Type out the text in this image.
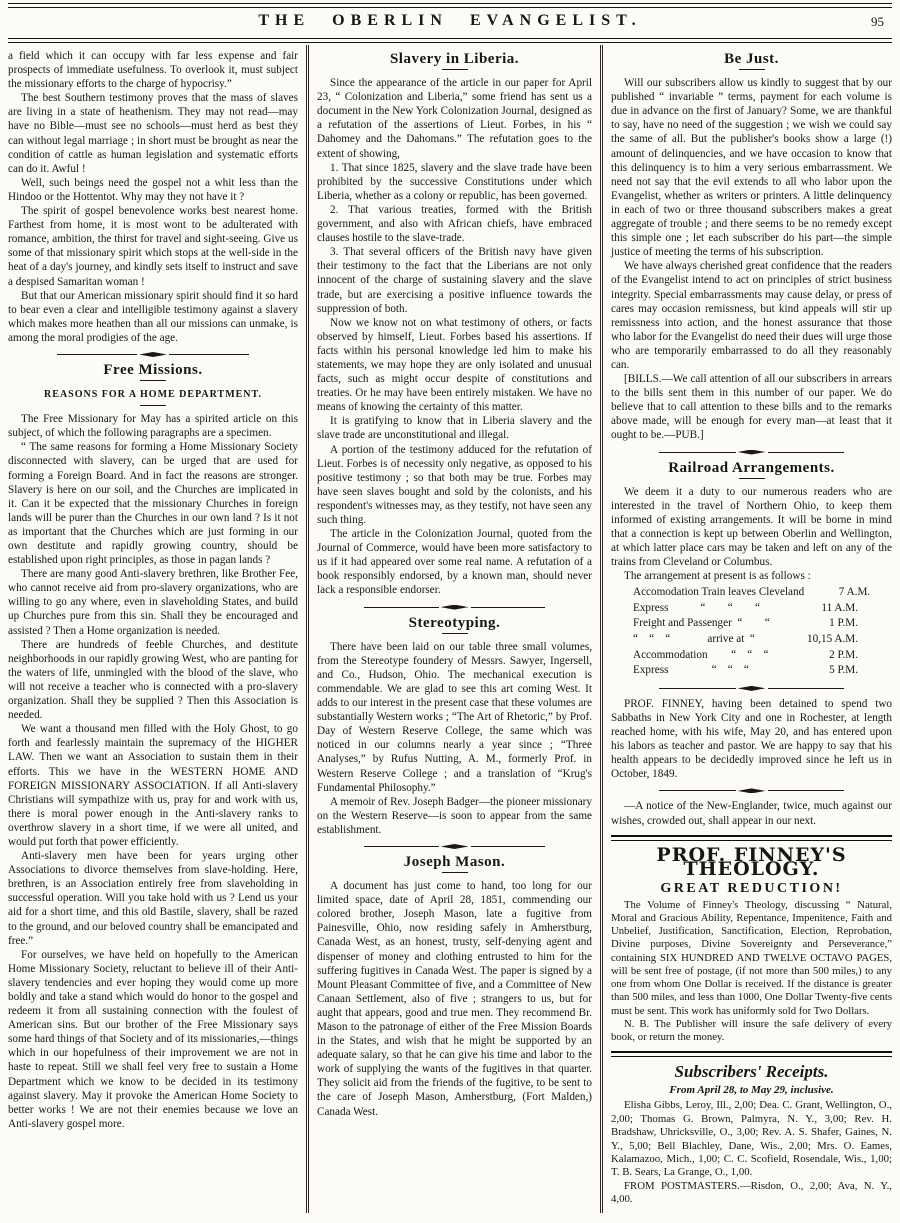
THE OBERLIN EVANGELIST.	95

a field which it can occupy with far less expense and fair prospects of immediate usefulness. To overlook it, must subject the missionary efforts to the charge of hypocrisy.”

The best Southern testimony proves that the mass of slaves are living in a state of heathenism. They may not read—may have no Bible—must see no schools—must herd as best they can without legal marriage ; in short must be brought as near the condition of cattle as human legislation and systematic efforts can do it. Awful !

Well, such beings need the gospel not a whit less than the Hindoo or the Hottentot. Why may they not have it ?

The spirit of gospel benevolence works best nearest home. Farthest from home, it is most wont to be adulterated with romance, ambition, the thirst for travel and sight-seeing. Give us some of that missionary spirit which stops at the well-side in the heat of a day's journey, and kindly sets itself to instruct and save a despised Samaritan woman !

But that our American missionary spirit should find it so hard to bear even a clear and intelligible testimony against a slavery which makes more heathen than all our missions can unmake, is among the moral prodigies of the age.

Free Missions.
REASONS FOR A HOME DEPARTMENT.

The Free Missionary for May has a spirited article on this subject, of which the following paragraphs are a specimen.

“ The same reasons for forming a Home Missionary Society disconnected with slavery, can be urged that are used for forming a Foreign Board. And in fact the reasons are stronger. Slavery is here on our soil, and the Churches are implicated in it. Can it be expected that the missionary Churches in foreign lands will be purer than the Churches in our own land ? Is it not as important that the Churches which are just forming in our own destitute and rapidly growing country, should be established upon right principles, as those in pagan lands ?

There are many good Anti-slavery brethren, like Brother Fee, who cannot receive aid from pro-slavery organizations, who are willing to go any where, even in slaveholding States, and build up Churches pure from this sin. Shall they be encouraged and assisted ? Then a Home organization is needed.

There are hundreds of feeble Churches, and destitute neighborhoods in our rapidly growing West, who are panting for the waters of life, unmingled with the blood of the slave, who will not receive a teacher who is connected with a pro-slavery organization. Shall they be supplied ? Then this Association is needed.

We want a thousand men filled with the Holy Ghost, to go forth and fearlessly maintain the supremacy of the HIGHER LAW. Then we want an Association to sustain them in their efforts. This we have in the WESTERN HOME AND FOREIGN MISSIONARY ASSOCIATION. If all Anti-slavery Christians will sympathize with us, pray for and work with us, there is moral power enough in the Anti-slavery ranks to overthrow slavery in a short time, if we were all united, and would put forth that power efficiently.

Anti-slavery men have been for years urging other Associations to divorce themselves from slave-holding. Here, brethren, is an Association entirely free from slaveholding in successful operation. Will you take hold with us ? Lend us your aid for a short time, and this old Bastile, slavery, shall be razed to the ground, and our beloved country shall be emancipated and free.”

For ourselves, we have held on hopefully to the American Home Missionary Society, reluctant to believe ill of their Anti-slavery tendencies and ever hoping they would come up more boldly and take a stand which would do honor to the gospel and redeem it from all sustaining connection with the foulest of American sins. But our brother of the Free Missionary says some hard things of that Society and of its missionaries,—things which in our hopefulness of their improvement we are not in haste to repeat. Still we shall feel very free to sustain a Home Department which we know to be decided in its testimony against slavery. May it provoke the American Home Society to better works ! We are not their enemies because we love an Anti-slavery gospel more.

Slavery in Liberia.

Since the appearance of the article in our paper for April 23, “ Colonization and Liberia,” some friend has sent us a document in the New York Colonization Journal, designed as a refutation of the assertions of Lieut. Forbes, in his “ Dahomey and the Dahomans.” The refutation goes to the extent of showing,

1. That since 1825, slavery and the slave trade have been prohibited by the successive Constitutions under which Liberia, whether as a colony or republic, has been governed.

2. That various treaties, formed with the British government, and also with African chiefs, have embraced clauses hostile to the slave-trade.

3. That several officers of the British navy have given their testimony to the fact that the Liberians are not only innocent of the charge of sustaining slavery and the slave trade, but are exercising a positive influence towards the suppression of both.

Now we know not on what testimony of others, or facts observed by himself, Lieut. Forbes based his assertions. If facts within his personal knowledge led him to make his statements, we may hope they are only isolated and unusual facts, such as might occur despite of constitutions and treaties. Or he may have been entirely mistaken. We have no means of knowing the certainty of this matter.

It is gratifying to know that in Liberia slavery and the slave trade are unconstitutional and illegal.

A portion of the testimony adduced for the refutation of Lieut. Forbes is of necessity only negative, as opposed to his positive testimony ; so that both may be true. Forbes may have seen slaves bought and sold by the colonists, and his respondent's witnesses may, as they testify, not have seen any such thing.

The article in the Colonization Journal, quoted from the Journal of Commerce, would have been more satisfactory to us if it had appeared over some real name. A refutation of a book responsibly endorsed, by a known man, should never lack a responsible endorser.

Stereotyping.

There have been laid on our table three small volumes, from the Stereotype foundery of Messrs. Sawyer, Ingersell, and Co., Hudson, Ohio. The mechanical execution is commendable. We are glad to see this art coming West. It adds to our interest in the present case that these volumes are substantially Western works ; “The Art of Rhetoric,” by Prof. Day of Western Reserve College, the same which was noticed in our columns nearly a year since ; “Three Analyses,” by Rufus Nutting, A. M., formerly Prof. in Western Reserve College ; and a translation of “Krug's Fundamental Philosophy.”

A memoir of Rev. Joseph Badger—the pioneer missionary on the Western Reserve—is soon to appear from the same establishment.

Joseph Mason.

A document has just come to hand, too long for our limited space, date of April 28, 1851, commending our colored brother, Joseph Mason, late a fugitive from Painesville, Ohio, now residing safely in Amherstburg, Canada West, as an honest, trusty, self-denying agent and dispenser of money and clothing entrusted to him for the suffering fugitives in Canada West. The paper is signed by a Mount Pleasant Committee of five, and a Committee of New Canaan Settlement, also of five ; strangers to us, but for aught that appears, good and true men. They recommend Br. Mason to the patronage of either of the Free Mission Boards in the States, and wish that he might be supported by an adequate salary, so that he can give his time and labor to the work of supplying the wants of the fugitives in that quarter. They solicit aid from the friends of the fugitive, to be sent to the care of Joseph Mason, Amherstburg, (Fort Malden,) Canada West.

Be Just.

Will our subscribers allow us kindly to suggest that by our published “ invariable ” terms, payment for each volume is due in advance on the first of January? Some, we are thankful to say, have no need of the suggestion ; we wish we could say the same of all. But the publisher's books show a large (!) amount of delinquencies, and we have occasion to know that this delinquency is to him a very serious embarrassment. We need not say that the evil extends to all who labor upon the Evangelist, whether as writers or printers. A little delinquency in each of two or three thousand subscribers makes a great aggregate of trouble ; and there seems to be no remedy except this simple one ; let each subscriber do his part—the simple justice of meeting the terms of his subscription.

We have always cherished great confidence that the readers of the Evangelist intend to act on principles of strict business integrity. Special embarrassments may cause delay, or press of cares may occasion remissness, but kind appeals will stir up remissness into action, and the honest assurance that those who labor for the Evangelist do need their dues will urge those who are temporarily embarrassed to do all they reasonably can.

[BILLS.—We call attention of all our subscribers in arrears to the bills sent them in this number of our paper. We do believe that to call attention to these bills and to the remarks above made, will be enough for every man—at least that it ought to be.—PUB.]

Railroad Arrangements.

We deem it a duty to our numerous readers who are interested in the travel of Northern Ohio, to keep them informed of existing arrangements. It will be borne in mind that a connection is kept up between Oberlin and Wellington, at which latter place cars may be taken and left on any of the trains from Cleveland or Columbus.

The arrangement at present is as follows :

Accomodation Train leaves Cleveland	7 A.M.
Express	“  “  “	11 A.M.
Freight and Passenger  “	“	1 P.M.
“ “ “	arrive at “	10,15 A.M.
Accommodation	“  “  “	2 P.M.
Express	“  “  “	5 P.M.

PROF. FINNEY, having been detained to spend two Sabbaths in New York City and one in Rochester, at length reached home, with his wife, May 20, and has entered upon his labors as teacher and pastor. We are happy to say that his health appears to be decidedly improved since he left us in October, 1849.

—A notice of the New-Englander, twice, much against our wishes, crowded out, shall appear in our next.

PROF. FINNEY'S THEOLOGY.
GREAT REDUCTION!

The Volume of Finney's Theology, discussing “ Natural, Moral and Gracious Ability, Repentance, Impenitence, Faith and Unbelief, Justification, Sanctification, Election, Reprobation, Divine purposes, Divine Sovereignty and Perseverance,” containing SIX HUNDRED AND TWELVE OCTAVO PAGES, will be sent free of postage, (if not more than 500 miles,) to any one from whom One Dollar is received. If the distance is greater than 500 miles, and less than 1000, One Dollar Twenty-five cents must be sent. This work has uniformly sold for Two Dollars.

N. B. The Publisher will insure the safe delivery of every book, or return the money.

Subscribers' Receipts.
From April 28, to May 29, inclusive.

Elisha Gibbs, Leroy, Ill., 2,00; Dea. C. Grant, Wellington, O., 2,00; Thomas G. Brown, Palmyra, N. Y., 3,00; Rev. H. Bradshaw, Uhricksville, O., 3,00; Rev. A. S. Shafer, Gaines, N. Y., 5,00; Bell Blachley, Dane, Wis., 2,00; Mrs. O. Eames, Kalamazoo, Mich., 1,00; C. C. Scofield, Rosendale, Wis., 1,00; T. B. Sears, La Grange, O., 1,00.

FROM POSTMASTERS.—Risdon, O., 2,00; Ava, N. Y., 4,00.
